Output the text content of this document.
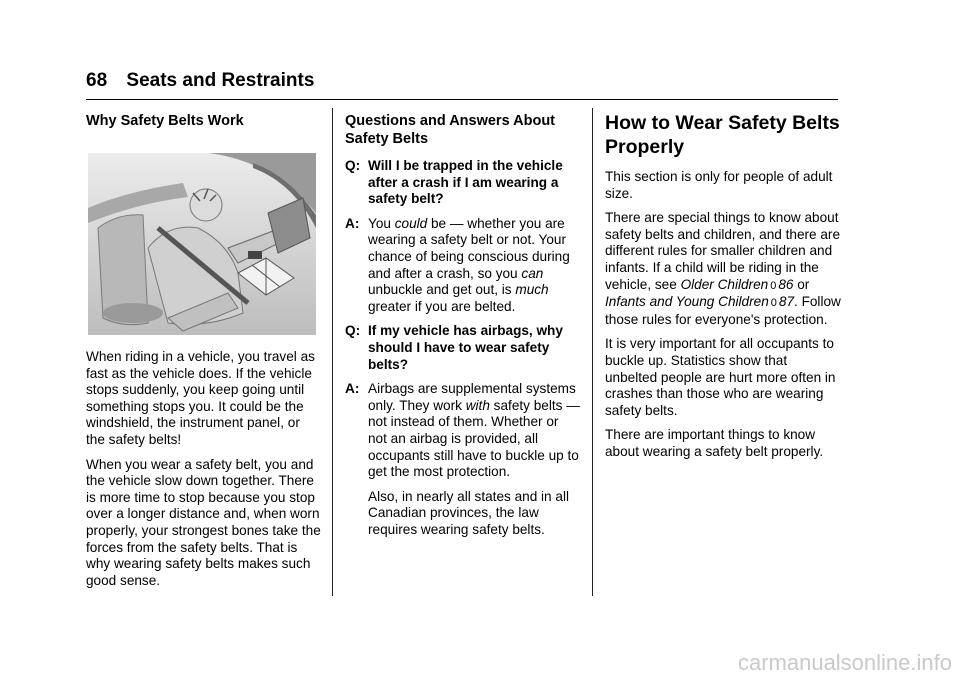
68 Seats and Restraints
Why Safety Belts Work

When riding in a vehicle, you travel as fast as the vehicle does. If the vehicle stops suddenly, you keep going until something stops you. It could be the windshield, the instrument panel, or the safety belts!

When you wear a safety belt, you and the vehicle slow down together. There is more time to stop because you stop over a longer distance and, when worn properly, your strongest bones take the forces from the safety belts. That is why wearing safety belts makes such good sense.

Questions and Answers About Safety Belts
Q: Will I be trapped in the vehicle after a crash if I am wearing a safety belt?
A: You could be — whether you are wearing a safety belt or not. Your chance of being conscious during and after a crash, so you can unbuckle and get out, is much greater if you are belted.
Q: If my vehicle has airbags, why should I have to wear safety belts?
A: Airbags are supplemental systems only. They work with safety belts — not instead of them. Whether or not an airbag is provided, all occupants still have to buckle up to get the most protection.

Also, in nearly all states and in all Canadian provinces, the law requires wearing safety belts.

How to Wear Safety Belts Properly

This section is only for people of adult size.

There are special things to know about safety belts and children, and there are different rules for smaller children and infants. If a child will be riding in the vehicle, see Older Children 0 86 or Infants and Young Children 0 87. Follow those rules for everyone's protection.

It is very important for all occupants to buckle up. Statistics show that unbelted people are hurt more often in crashes than those who are wearing safety belts.

There are important things to know about wearing a safety belt properly.

carmanualsonline.info
